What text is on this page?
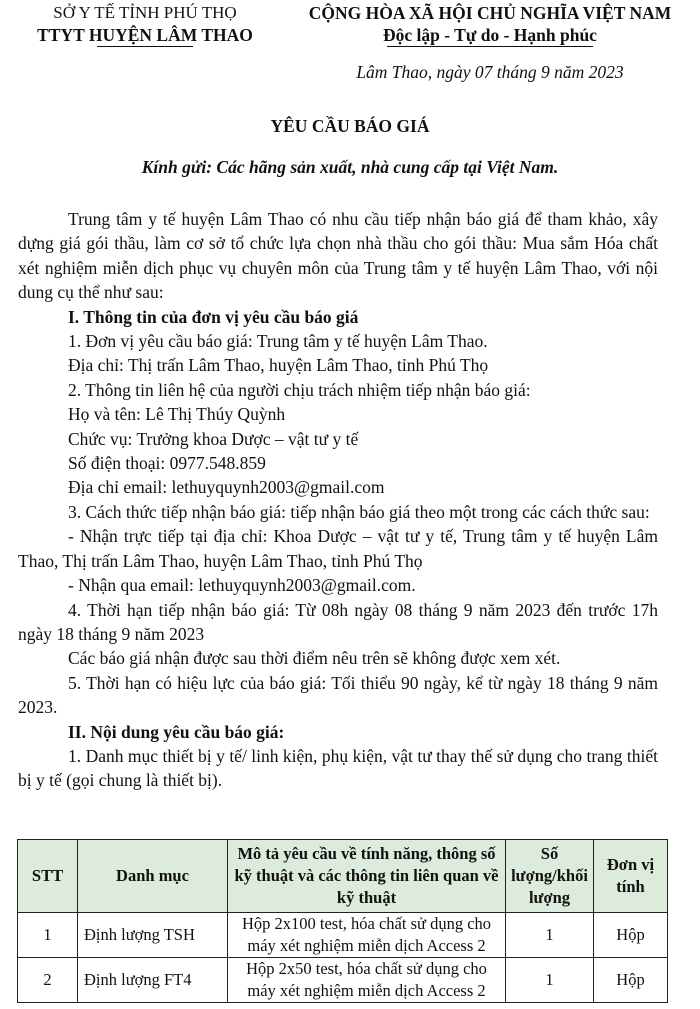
SỞ Y TẾ TỈNH PHÚ THỌ
TTYT HUYỆN LÂM THAO
CỘNG HÒA XÃ HỘI CHỦ NGHĨA VIỆT NAM
Độc lập - Tự do - Hạnh phúc
Lâm Thao, ngày 07 tháng 9 năm 2023
YÊU CẦU BÁO GIÁ
Kính gửi: Các hãng sản xuất, nhà cung cấp tại Việt Nam.

Trung tâm y tế huyện Lâm Thao có nhu cầu tiếp nhận báo giá để tham khảo, xây dựng giá gói thầu, làm cơ sở tổ chức lựa chọn nhà thầu cho gói thầu: Mua sắm Hóa chất xét nghiệm miễn dịch phục vụ chuyên môn của Trung tâm y tế huyện Lâm Thao, với nội dung cụ thể như sau:

I. Thông tin của đơn vị yêu cầu báo giá

1. Đơn vị yêu cầu báo giá: Trung tâm y tế huyện Lâm Thao.

Địa chỉ: Thị trấn Lâm Thao, huyện Lâm Thao, tỉnh Phú Thọ

2. Thông tin liên hệ của người chịu trách nhiệm tiếp nhận báo giá:

Họ và tên: Lê Thị Thúy Quỳnh

Chức vụ: Trưởng khoa Dược – vật tư y tế

Số điện thoại: 0977.548.859

Địa chỉ email: lethuyquynh2003@gmail.com

3. Cách thức tiếp nhận báo giá: tiếp nhận báo giá theo một trong các cách thức sau:

- Nhận trực tiếp tại địa chỉ: Khoa Dược – vật tư y tế, Trung tâm y tế huyện Lâm Thao, Thị trấn Lâm Thao, huyện Lâm Thao, tỉnh Phú Thọ

- Nhận qua email: lethuyquynh2003@gmail.com.

4. Thời hạn tiếp nhận báo giá: Từ 08h ngày 08 tháng 9 năm 2023 đến trước 17h ngày 18 tháng 9 năm 2023

Các báo giá nhận được sau thời điểm nêu trên sẽ không được xem xét.

5. Thời hạn có hiệu lực của báo giá: Tối thiểu 90 ngày, kể từ ngày 18 tháng 9 năm 2023.

II. Nội dung yêu cầu báo giá:

1. Danh mục thiết bị y tế/ linh kiện, phụ kiện, vật tư thay thế sử dụng cho trang thiết bị y tế (gọi chung là thiết bị).

STT	Danh mục	Mô tả yêu cầu về tính năng, thông số kỹ thuật và các thông tin liên quan về kỹ thuật	Số lượng/khối lượng	Đơn vị tính
1	Định lượng TSH	Hộp 2x100 test, hóa chất sử dụng cho máy xét nghiệm miễn dịch Access 2	1	Hộp
2	Định lượng FT4	Hộp 2x50 test, hóa chất sử dụng cho máy xét nghiệm miễn dịch Access 2	1	Hộp
